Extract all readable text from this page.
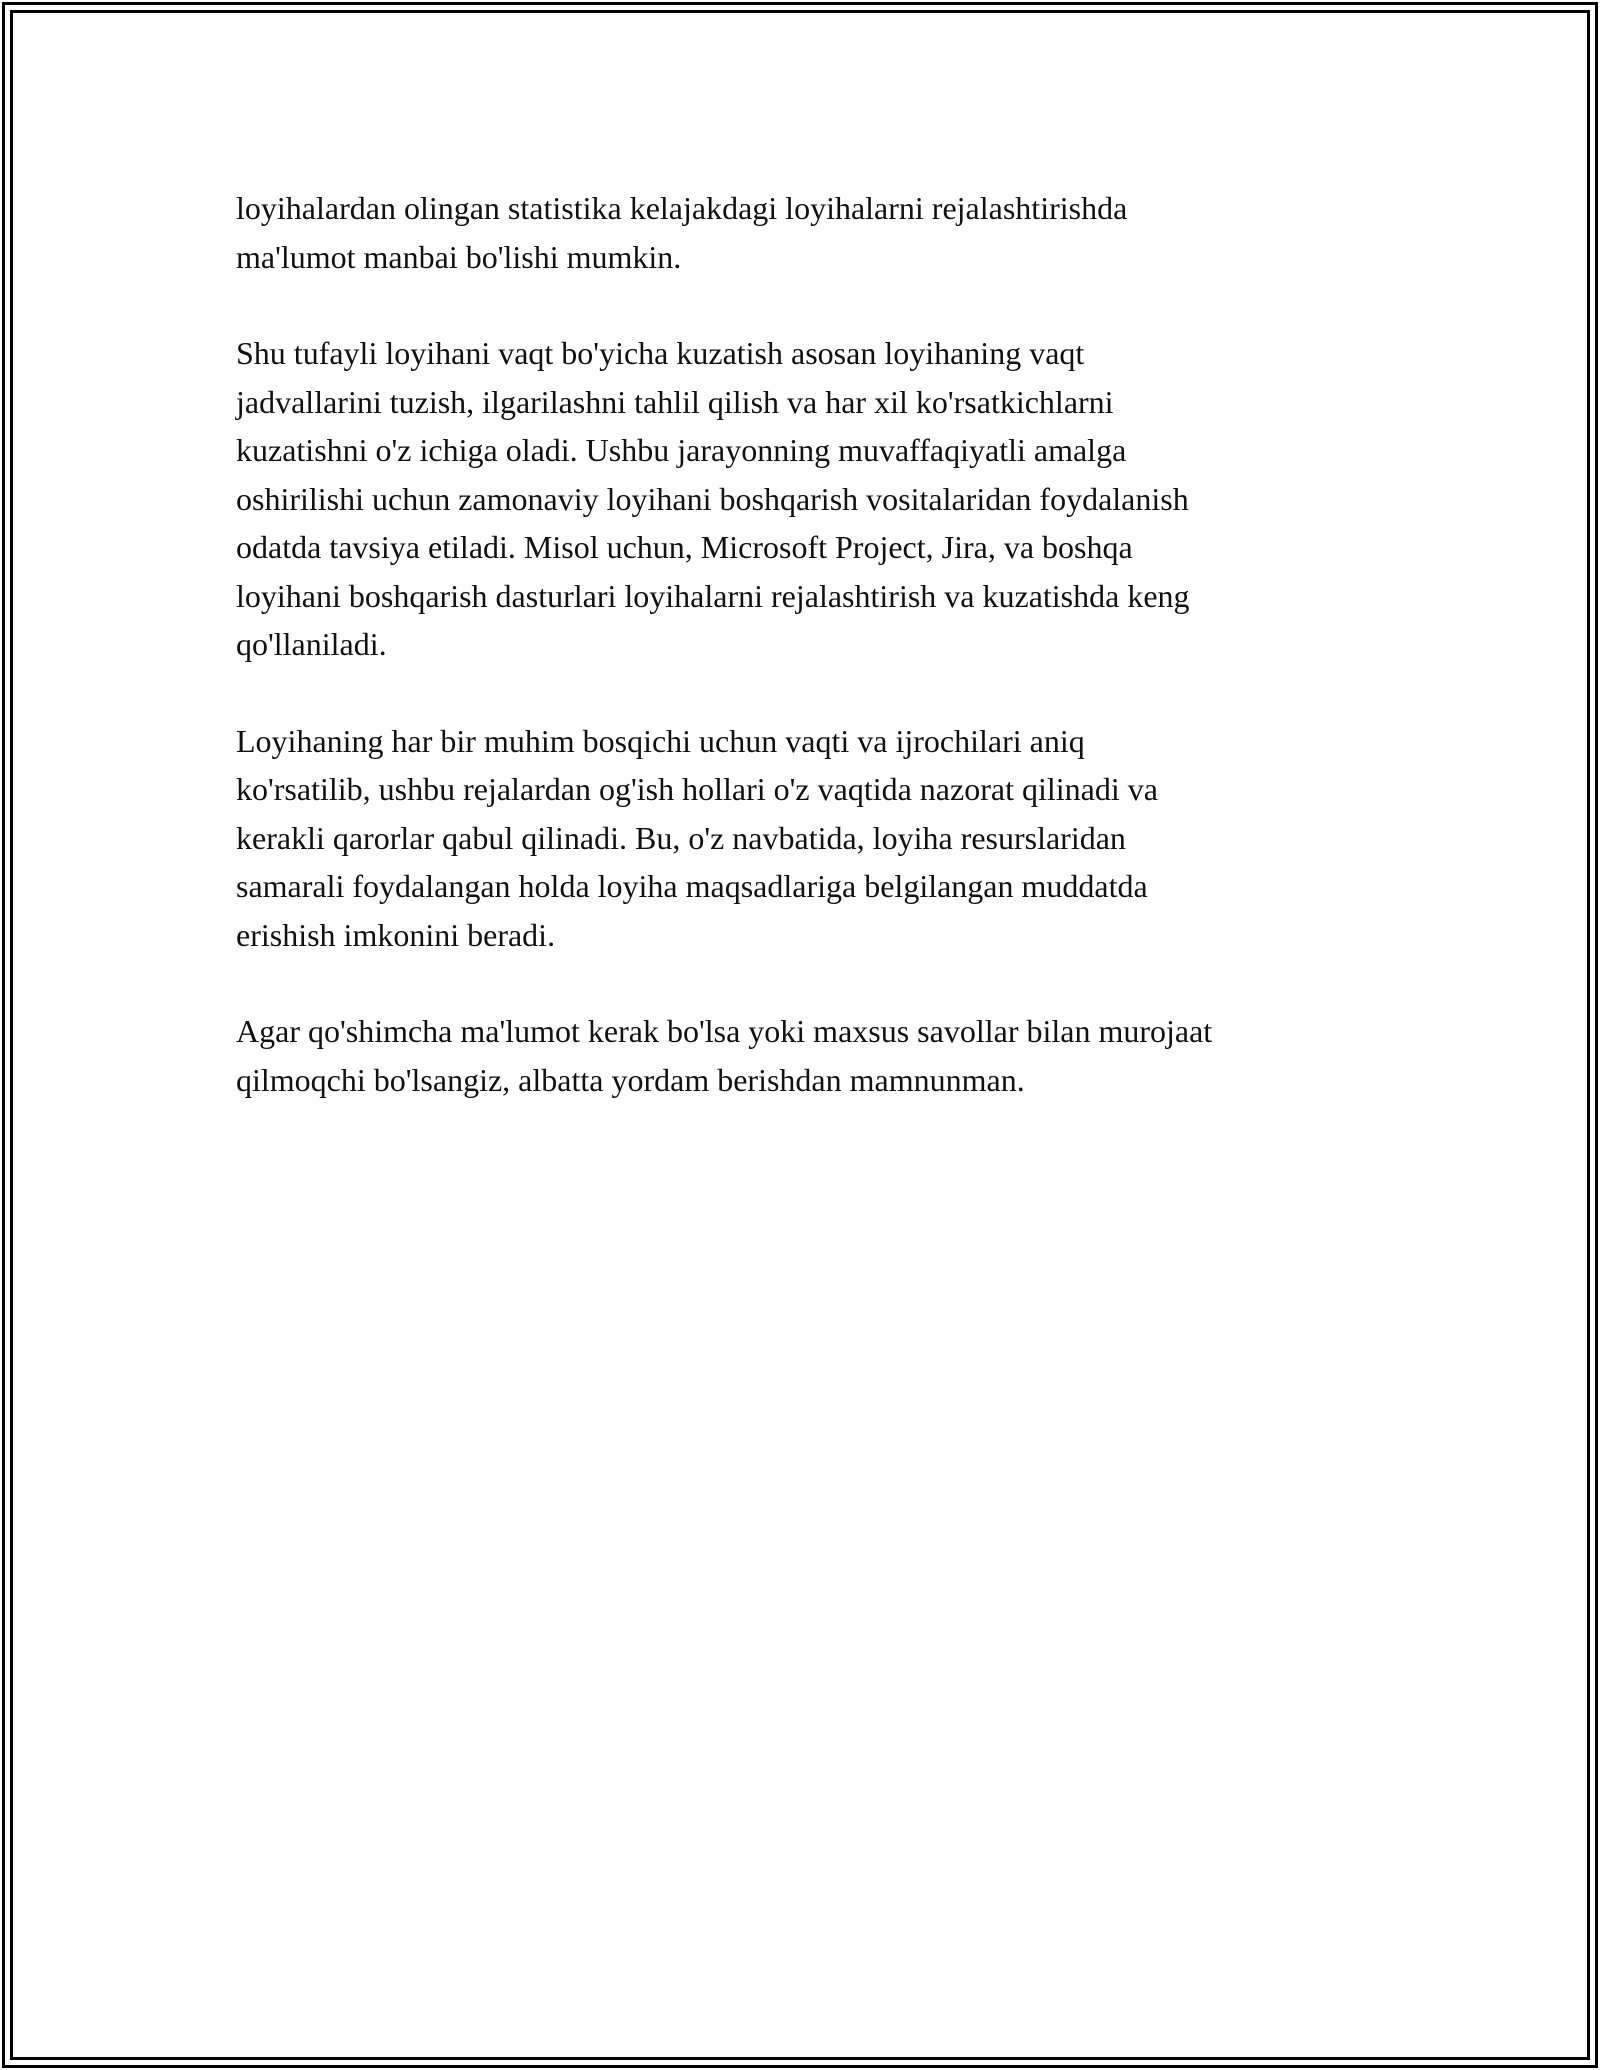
loyihalardan olingan statistika kelajakdagi loyihalarni rejalashtirishda
ma'lumot manbai bo'lishi mumkin.

Shu tufayli loyihani vaqt bo'yicha kuzatish asosan loyihaning vaqt
jadvallarini tuzish, ilgarilashni tahlil qilish va har xil ko'rsatkichlarni
kuzatishni o'z ichiga oladi. Ushbu jarayonning muvaffaqiyatli amalga
oshirilishi uchun zamonaviy loyihani boshqarish vositalaridan foydalanish
odatda tavsiya etiladi. Misol uchun, Microsoft Project, Jira, va boshqa
loyihani boshqarish dasturlari loyihalarni rejalashtirish va kuzatishda keng
qo'llaniladi.

Loyihaning har bir muhim bosqichi uchun vaqti va ijrochilari aniq
ko'rsatilib, ushbu rejalardan og'ish hollari o'z vaqtida nazorat qilinadi va
kerakli qarorlar qabul qilinadi. Bu, o'z navbatida, loyiha resurslaridan
samarali foydalangan holda loyiha maqsadlariga belgilangan muddatda
erishish imkonini beradi.

Agar qo'shimcha ma'lumot kerak bo'lsa yoki maxsus savollar bilan murojaat
qilmoqchi bo'lsangiz, albatta yordam berishdan mamnunman.
